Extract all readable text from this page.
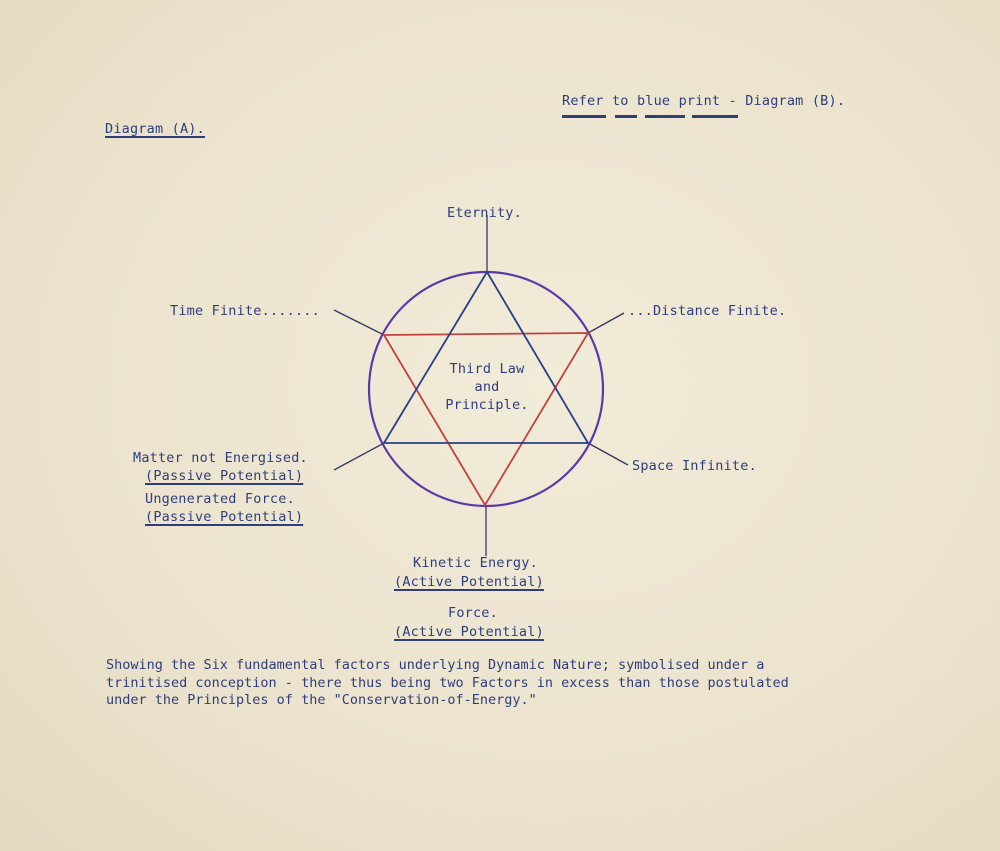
Refer to blue print - Diagram (B).
Diagram (A).
Third Law
and
Principle.
Eternity.
Time Finite.......	...Distance Finite.
Space Infinite.
Matter not Energised.
(Passive Potential)
Ungenerated Force.
(Passive Potential)
Kinetic Energy.
(Active Potential)
Force.
(Active Potential)
Showing the Six fundamental factors underlying Dynamic Nature; symbolised under a
trinitised conception - there thus being two Factors in excess than those postulated
under the Principles of the "Conservation-of-Energy."
